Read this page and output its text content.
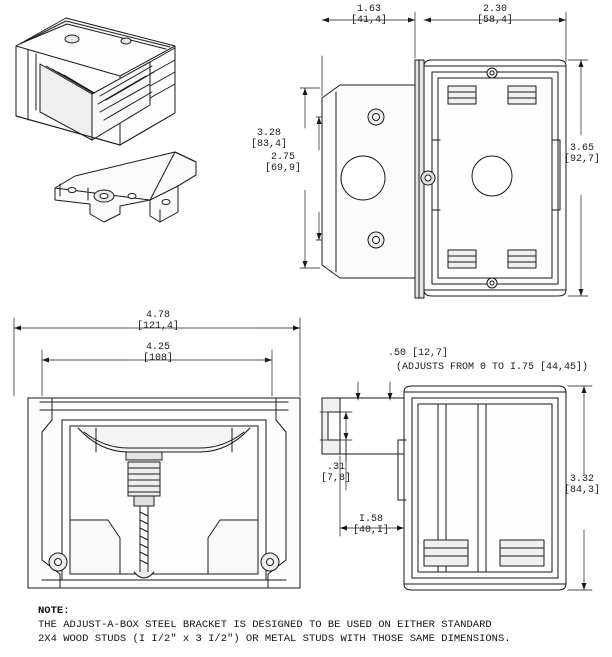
1.63
[41,4]
2.30
[58,4]
3.28
[83,4]
2.75
[69,9]
3.65
[92,7]
4.78
[121,4]
4.25
[108]	.50 [12,7]
(ADJUSTS FROM 0 TO I.75 [44,45])
.31
[7,8]
I.58
[40,I]
3.32
[84,3]
NOTE:
THE ADJUST-A-BOX STEEL BRACKET IS DESIGNED TO BE USED ON EITHER STANDARD
2X4 WOOD STUDS (I I/2" x 3 I/2") OR METAL STUDS WITH THOSE SAME DIMENSIONS.
